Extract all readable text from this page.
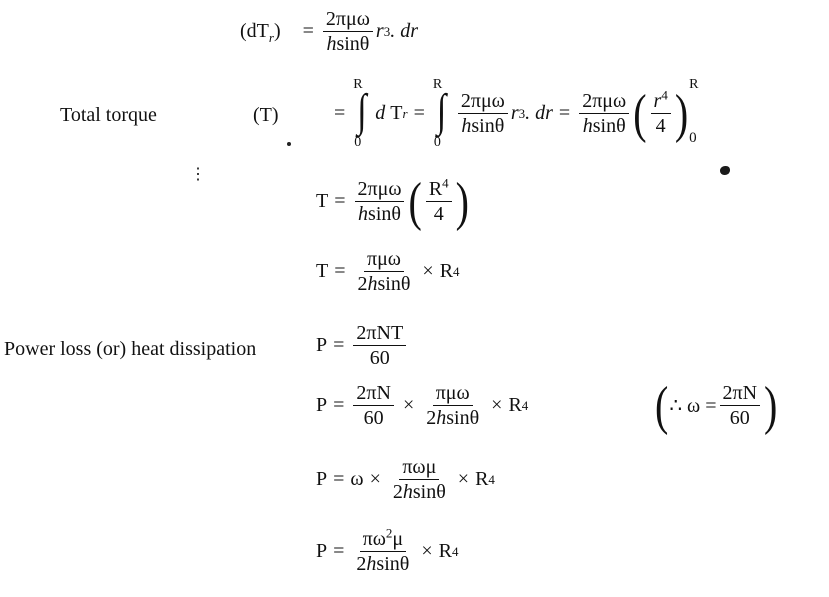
$(dT_r) = \frac{\text{2πμω}}{hsin\theta}$ r 3 . dr
Total torque	(T)	=
R
∫
0
d T r =
R
∫
0
$\frac{\text{2πμω}}{hsin\theta}$ r 3 . dr = $\frac{\text{2πμω}}{hsin\theta}$ ( $\frac{r^4}{4}$ ) R
0
⋮
$T = \frac{\text{2πμω}}{hsin\theta}$ ( $\frac{R^4}{4}$ )
$T = \frac{\text{πμω}}{2hsin\theta} \times R$ 4
Power loss (or) heat dissipation	$P = \frac{\text{2πNT}}{60}$
$P = \frac{2\pi N}{60} \times \frac{\text{πμω}}{2hsin\theta} \times R$ 4	( ∴ $\omega = \frac{2\pi N}{60}$ )
$P = \omega \times \frac{\text{πωμ}}{2hsin\theta} \times R$ 4
$P = \frac{\pi\omega^2\mu}{2hsin\theta} \times R$ 4
